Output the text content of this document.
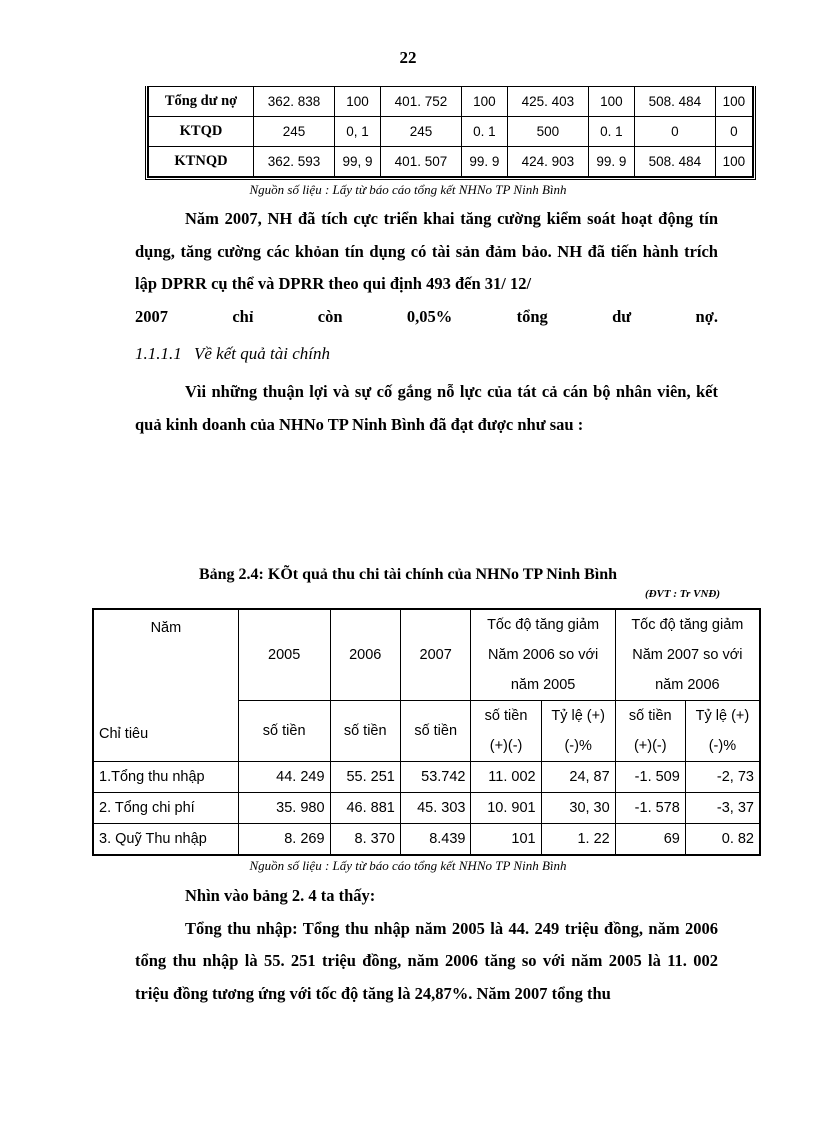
22
Tổng dư nợ	362. 838	100	401. 752	100	425. 403	100	508. 484	100
KTQD	245	0, 1	245	0. 1	500	0. 1	0	0
KTNQD	362. 593	99, 9	401. 507	99. 9	424. 903	99. 9	508. 484	100
Nguồn số liệu : Lấy từ báo cáo tổng kết NHNo TP Ninh Bình
Năm 2007, NH đã tích cực triển khai tăng cường kiểm soát hoạt động tín dụng, tăng cường các khỏan tín dụng có tài sản đảm bảo. NH đã tiến hành trích lập DPRR cụ thể và DPRR theo qui định 493 đến 31/ 12/
2007	chỉ	còn	0,05%	tổng	dư	nợ.
1.1.1.1 Về kết quả tài chính
Vìi những thuận lợi và sự cố gắng nỗ lực của tát cả cán bộ nhân viên, kết quả kinh doanh của NHNo TP Ninh Bình đã đạt được như sau :
Bảng 2.4: KÕt quả thu chi tài chính của NHNo TP Ninh Bình
(ĐVT : Tr VNĐ)
Năm
Chỉ tiêu	2005	2006	2007	Tốc độ tăng giảm Năm 2006 so với năm 2005		Tốc độ tăng giảm Năm 2007 so với năm 2006	
	số tiền	số tiền	số tiền	số tiền (+)(-)	Tỷ lệ (+)(-)%	số tiền (+)(-)	Tỷ lệ (+)(-)%
1.Tổng thu nhập	44. 249	55. 251	53.742	11. 002	24, 87	-1. 509	-2, 73
2. Tổng chi phí	35. 980	46. 881	45. 303	10. 901	30, 30	-1. 578	-3, 37
3. Quỹ Thu nhập	8. 269	8. 370	8.439	101	1. 22	69	0. 82
Nguồn số liệu : Lấy từ báo cáo tổng kết NHNo TP Ninh Bình
Nhìn vào bảng 2. 4 ta thấy:
Tổng thu nhập: Tổng thu nhập năm 2005 là 44. 249 triệu đồng, năm 2006 tổng thu nhập là 55. 251 triệu đồng, năm 2006 tăng so với năm 2005 là 11. 002 triệu đồng tương ứng với tốc độ tăng là 24,87%. Năm 2007 tổng thu
